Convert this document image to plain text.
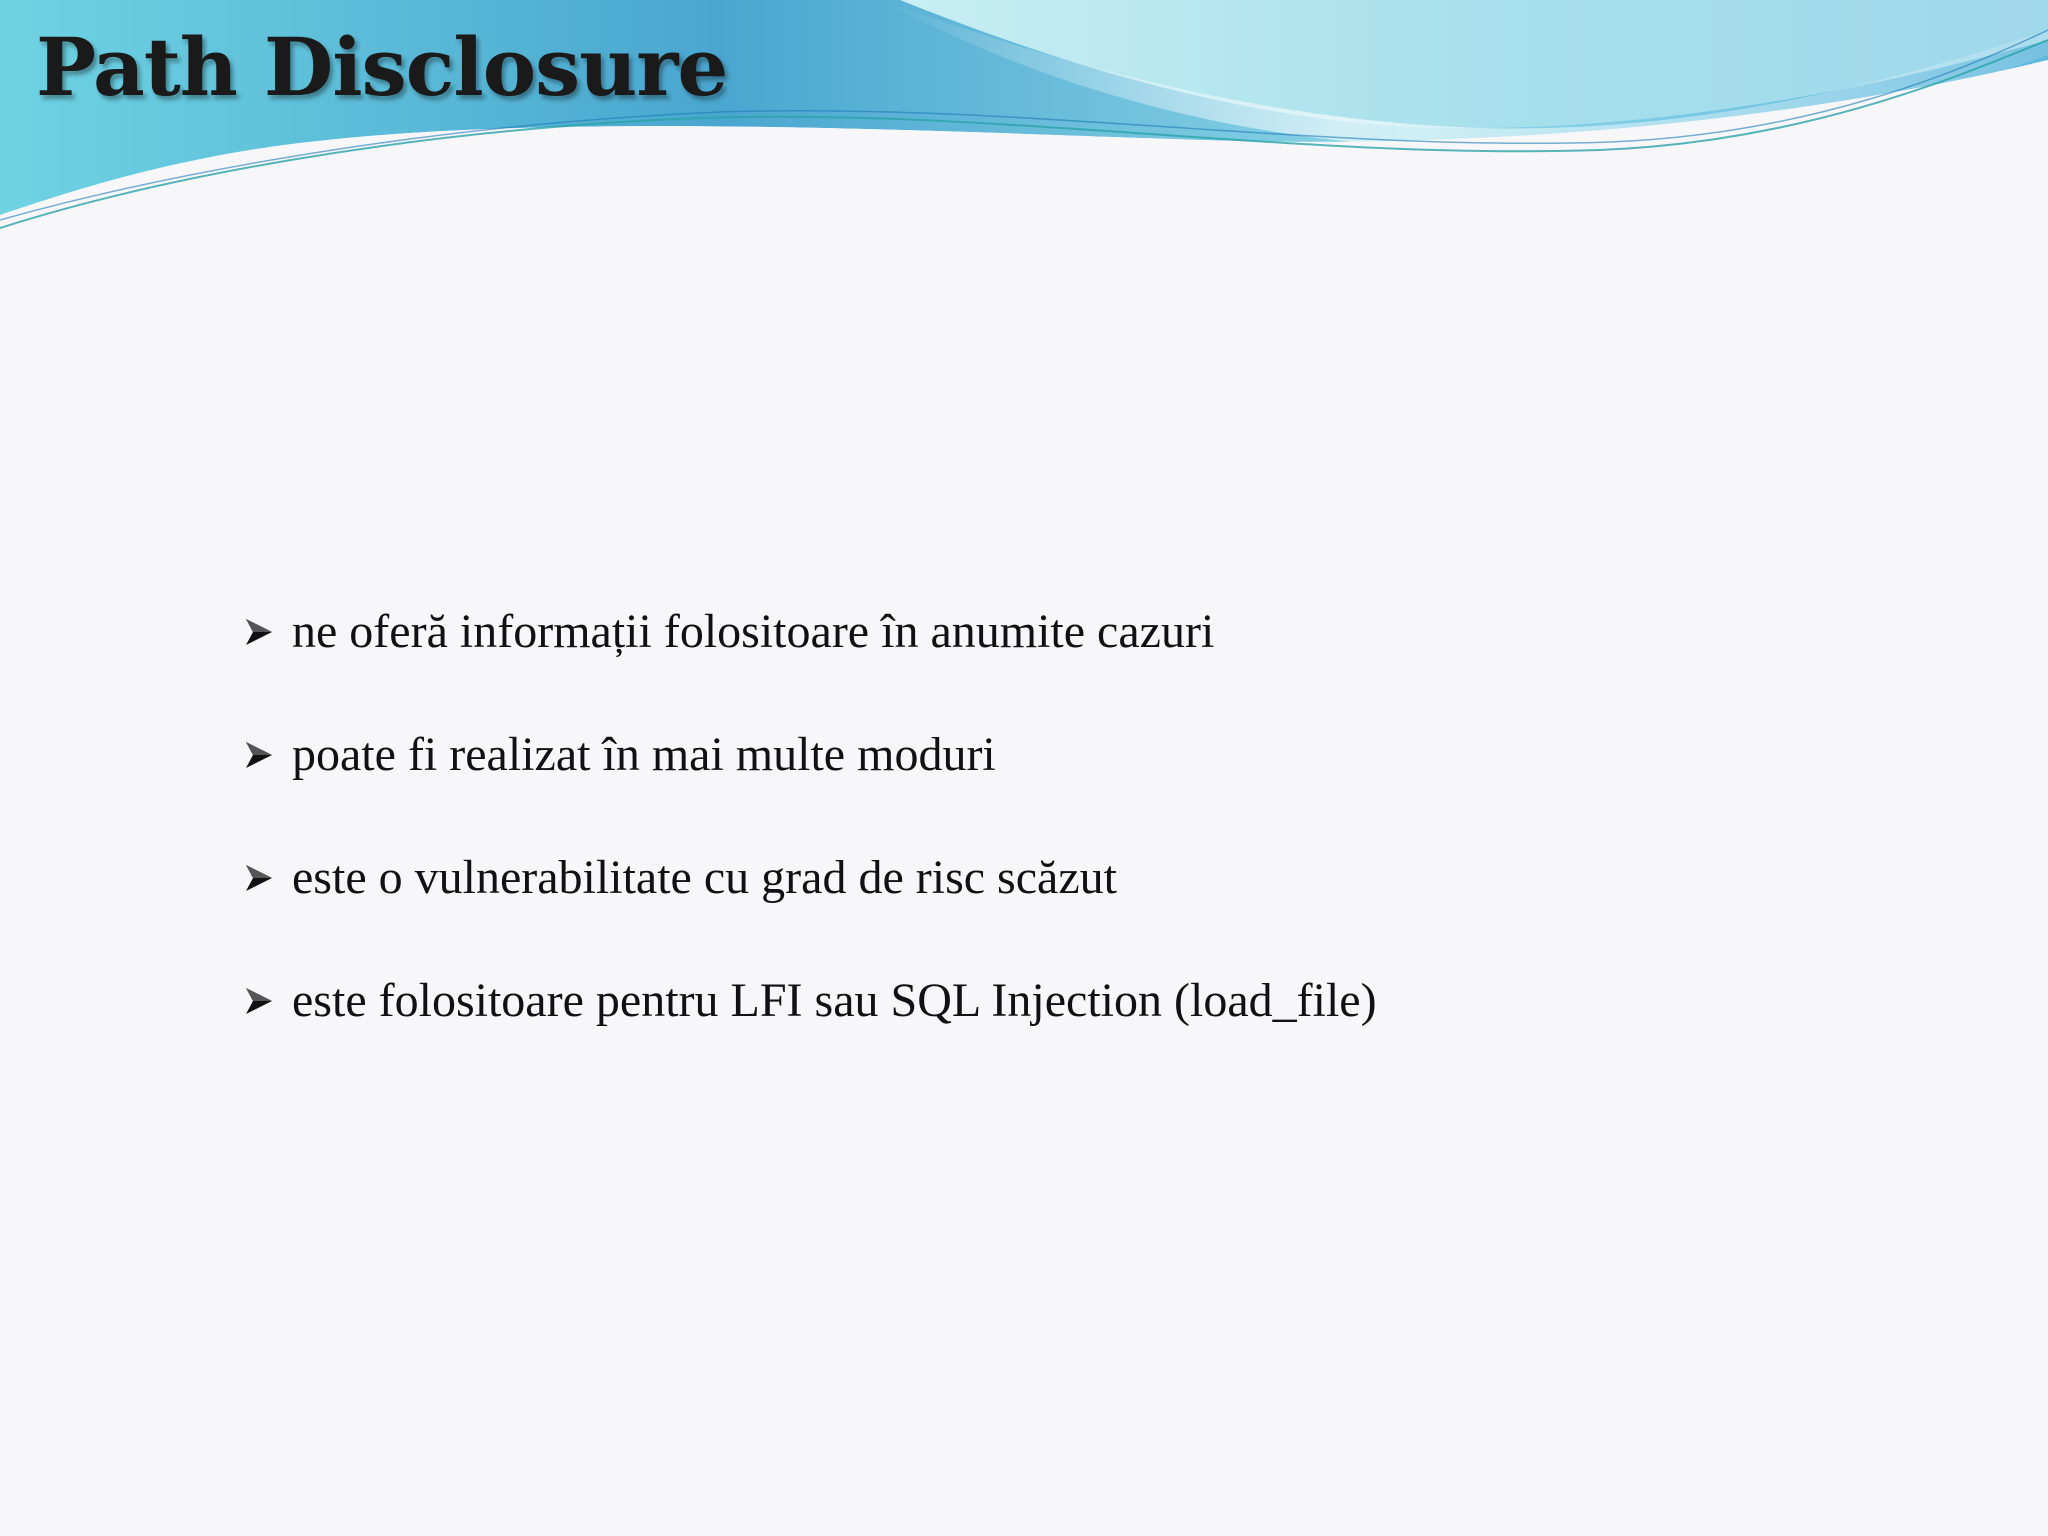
Path Disclosure
ne oferă informații folositoare în anumite cazuri
poate fi realizat în mai multe moduri
este o vulnerabilitate cu grad de risc scăzut
este folositoare pentru LFI sau SQL Injection (load_file)
